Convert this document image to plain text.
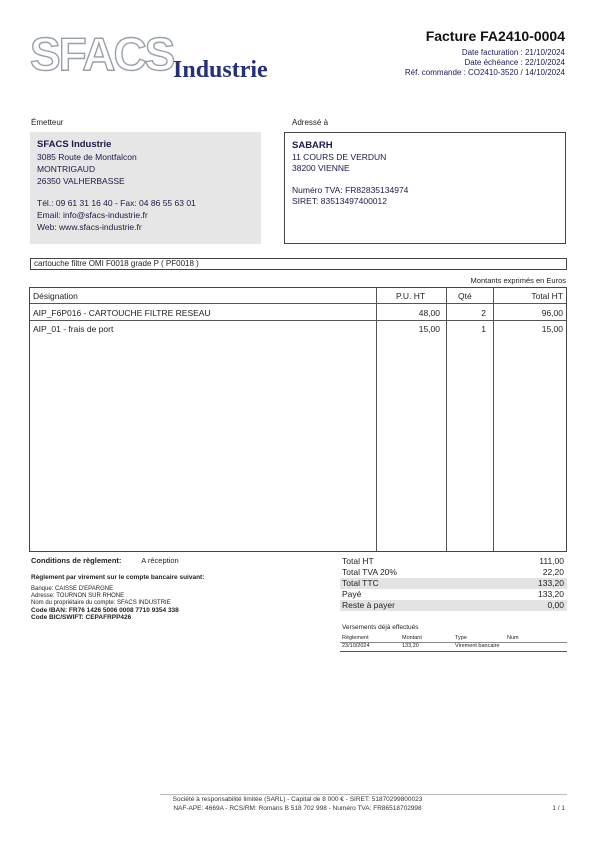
SFACS Industrie
Facture FA2410-0004
Date facturation : 21/10/2024
Date échéance : 22/10/2024
Réf. commande : CO2410-3520 / 14/10/2024
Émetteur
SFACS Industrie
3085 Route de Montfalcon
MONTRIGAUD
26350 VALHERBASSE
Tél.: 09 61 31 16 40 - Fax: 04 86 55 63 01
Email: info@sfacs-industrie.fr
Web: www.sfacs-industrie.fr
Adressé à
SABARH
11 COURS DE VERDUN
38200 VIENNE
Numéro TVA: FR82835134974
SIRET: 83513497400012
cartouche filtre OMI F0018 grade P ( PF0018 )
Montants exprimés en Euros
Désignation	P.U. HT	Qté	Total HT
AIP_F6P016 - CARTOUCHE FILTRE RESEAU	48,00	2	96,00
AIP_01 - frais de port	15,00	1	15,00
Conditions de règlement:	A réception
Règlement par virement sur le compte bancaire suivant:
Banque: CAISSE D'EPARGNE
Adresse: TOURNON SUR RHONE
Nom du propriétaire du compte: SFACS INDUSTRIE
Code IBAN: FR76 1426 5006 0008 7710 9354 338
Code BIC/SWIFT: CEPAFRPP426
Total HT	111,00
Total TVA 20%	22,20
Total TTC	133,20
Payé	133,20
Reste à payer	0,00
Versements déjà effectués
Règlement	Montant	Type	Num
23/10/2024	133,20	Virement bancaire
Société à responsabilité limitée (SARL) - Capital de 8 000 € - SIRET: 51870299800023
NAF-APE: 4669A - RCS/RM: Romans B 518 702 998 - Numéro TVA: FR86518702998	1 / 1
